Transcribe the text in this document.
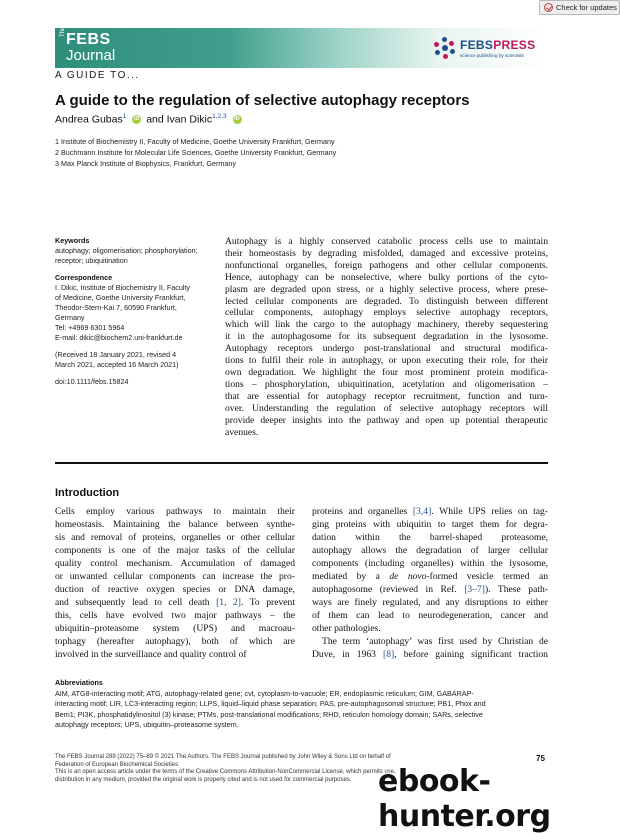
Check for updates
The FEBS
Journal
FEBSPRESS
science publishing by scientists
A GUIDE TO...
A guide to the regulation of selective autophagy receptors
Andrea Gubas$^1$ iD and Ivan Dikic$^{1,2,3}$ iD
1 Institute of Biochemistry II, Faculty of Medicine, Goethe University Frankfurt, Germany
2 Buchmann Institute for Molecular Life Sciences, Goethe University Frankfurt, Germany
3 Max Planck Institute of Biophysics, Frankfurt, Germany
Keywords
autophagy; oligomerisation; phosphorylation;
receptor; ubiquitination
Correspondence
I. Dikic, Institute of Biochemistry II, Faculty
of Medicine, Goethe University Frankfurt,
Theodor-Stern-Kai 7, 60590 Frankfurt,
Germany
Tel: +4969 6301 5964
E-mail: dikic@biochem2.uni-frankfurt.de
(Received 18 January 2021, revised 4
March 2021, accepted 16 March 2021)
doi:10.1111/febs.15824
Autophagy is a highly conserved catabolic process cells use to maintain
their homeostasis by degrading misfolded, damaged and excessive proteins,
nonfunctional organelles, foreign pathogens and other cellular components.
Hence, autophagy can be nonselective, where bulky portions of the cyto-
plasm are degraded upon stress, or a highly selective process, where prese-
lected cellular components are degraded. To distinguish between different
cellular components, autophagy employs selective autophagy receptors,
which will link the cargo to the autophagy machinery, thereby sequestering
it in the autophagosome for its subsequent degradation in the lysosome.
Autophagy receptors undergo post-translational and structural modifica-
tions to fulfil their role in autophagy, or upon executing their role, for their
own degradation. We highlight the four most prominent protein modifica-
tions – phosphorylation, ubiquitination, acetylation and oligomerisation –
that are essential for autophagy receptor recruitment, function and turn-
over. Understanding the regulation of selective autophagy receptors will
provide deeper insights into the pathway and open up potential therapeutic
avenues.
Introduction
Cells employ various pathways to maintain their
homeostasis. Maintaining the balance between synthe-
sis and removal of proteins, organelles or other cellular
components is one of the major tasks of the cellular
quality control mechanism. Accumulation of damaged
or unwanted cellular components can increase the pro-
duction of reactive oxygen species or DNA damage,
and subsequently lead to cell death [1, 2]. To prevent
this, cells have evolved two major pathways – the
ubiquitin–proteasome system (UPS) and macroau-
tophagy (hereafter autophagy), both of which are
involved in the surveillance and quality control of
proteins and organelles [3,4]. While UPS relies on tag-
ging proteins with ubiquitin to target them for degra-
dation within the barrel-shaped proteasome,
autophagy allows the degradation of larger cellular
components (including organelles) within the lysosome,
mediated by a de novo-formed vesicle termed an
autophagosome (reviewed in Ref. [3–7]). These path-
ways are finely regulated, and any disruptions to either
of them can lead to neurodegeneration, cancer and
other pathologies.
The term ‘autophagy’ was first used by Christian de
Duve, in 1963 [8], before gaining significant traction
Abbreviations
AIM, ATG8-interacting motif; ATG, autophagy-related gene; cvt, cytoplasm-to-vacuole; ER, endoplasmic reticulum; GIM, GABARAP-
interacting motif; LIR, LC3-interacting region; LLPS, liquid–liquid phase separation; PAS, pre-autophagosomal structure; PB1, Phox and
Bem1; PI3K, phosphatidylinositol (3) kinase; PTMs, post-translational modifications; RHD, reticulon homology domain; SARs, selective
autophagy receptors; UPS, ubiquitin–proteasome system.
The FEBS Journal 289 (2022) 75–89 © 2021 The Authors. The FEBS Journal published by John Wiley & Sons Ltd on behalf of
Federation of European Biochemical Societies
This is an open access article under the terms of the Creative Commons Attribution-NonCommercial License, which permits use,
distribution in any medium, provided the original work is properly cited and is not used for commercial purposes.
75
ebook-hunter.org
